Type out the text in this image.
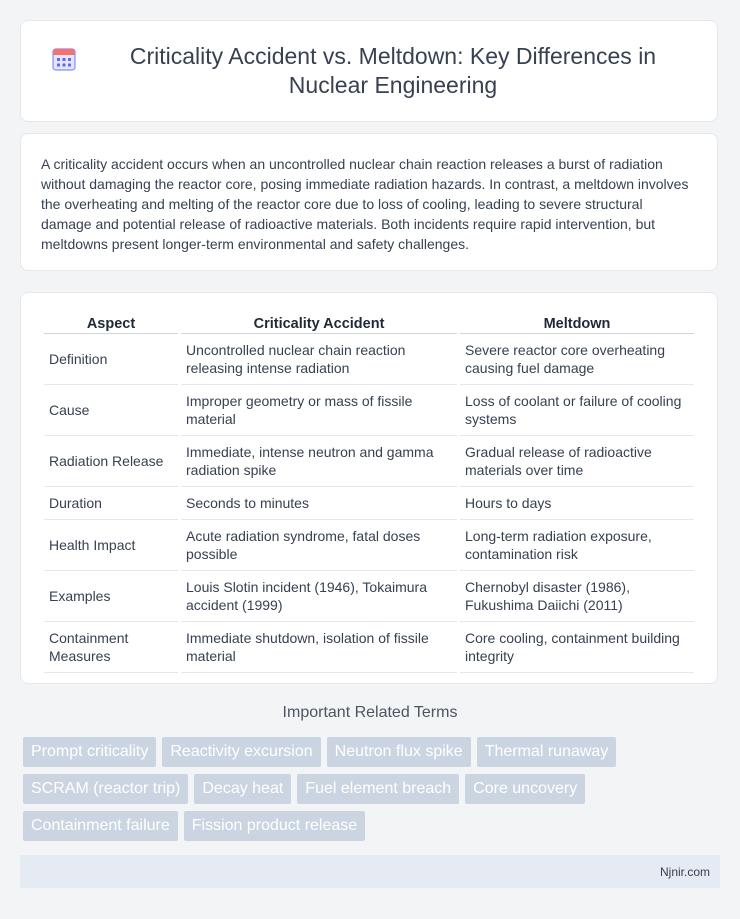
Criticality Accident vs. Meltdown: Key Differences in Nuclear Engineering

A criticality accident occurs when an uncontrolled nuclear chain reaction releases a burst of radiation without damaging the reactor core, posing immediate radiation hazards. In contrast, a meltdown involves the overheating and melting of the reactor core due to loss of cooling, leading to severe structural damage and potential release of radioactive materials. Both incidents require rapid intervention, but meltdowns present longer-term environmental and safety challenges.

Aspect	Criticality Accident	Meltdown
Definition	Uncontrolled nuclear chain reaction releasing intense radiation	Severe reactor core overheating causing fuel damage
Cause	Improper geometry or mass of fissile material	Loss of coolant or failure of cooling systems
Radiation Release	Immediate, intense neutron and gamma radiation spike	Gradual release of radioactive materials over time
Duration	Seconds to minutes	Hours to days
Health Impact	Acute radiation syndrome, fatal doses possible	Long-term radiation exposure, contamination risk
Examples	Louis Slotin incident (1946), Tokaimura accident (1999)	Chernobyl disaster (1986), Fukushima Daiichi (2011)
Containment Measures	Immediate shutdown, isolation of fissile material	Core cooling, containment building integrity
Important Related Terms
Prompt criticality	Reactivity excursion	Neutron flux spike	Thermal runaway
SCRAM (reactor trip)	Decay heat	Fuel element breach	Core uncovery
Containment failure	Fission product release
Njnir.com
